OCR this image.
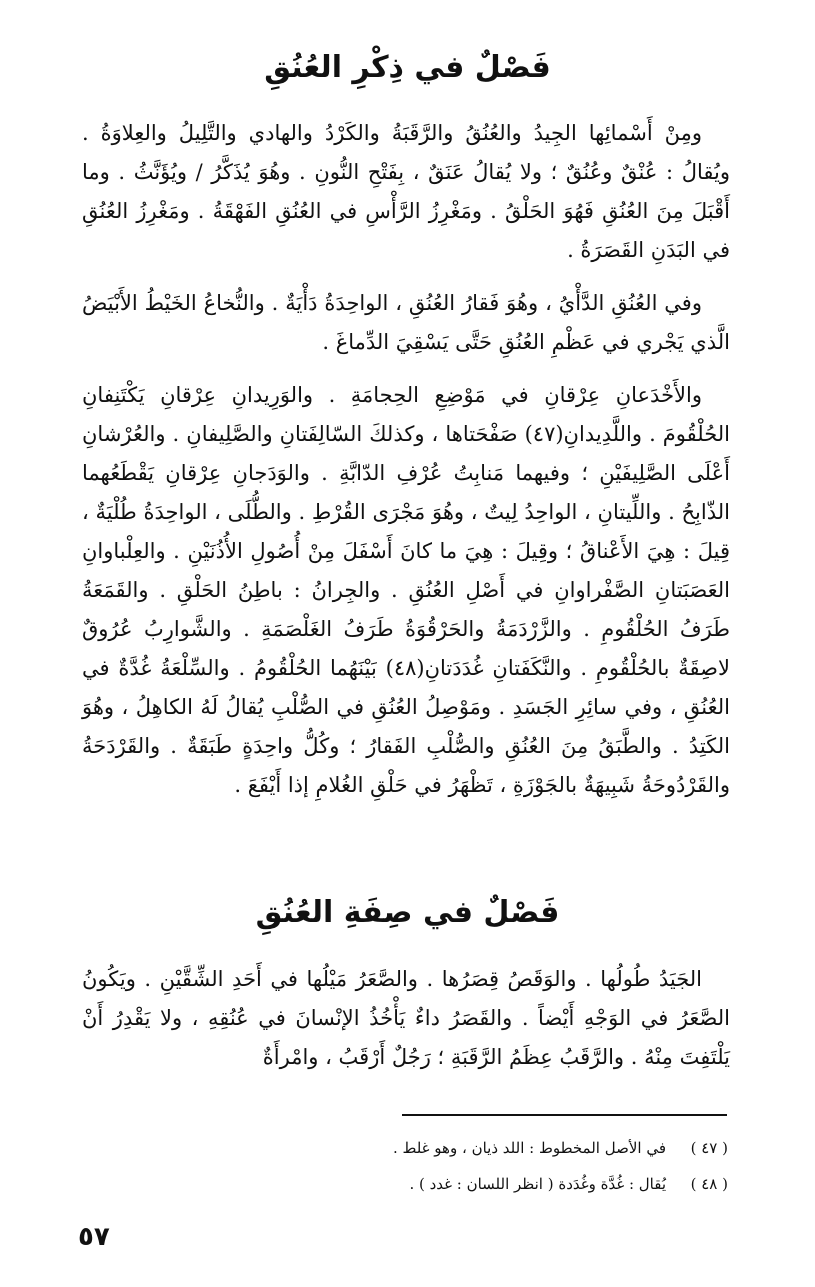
فَصْلٌ في ذِكْرِ العُنُقِ

ومِنْ أَسْمائِها الجِيدُ والعُنُقُ والرَّقَبَةُ والكَرْدُ والهادي والتَّلِيلُ والعِلاوَةُ . ويُقالُ : عُنْقٌ وعُنُقٌ ؛ ولا يُقالُ عَنَقٌ ، بِفَتْحِ النُّونِ . وهُوَ يُذَكَّرُ / ويُؤَنَّثُ . وما أَقْبَلَ مِنَ العُنُقِ فَهُوَ الحَلْقُ . ومَغْرِزُ الرَّأْسِ في العُنُقِ الفَهْقَةُ . ومَغْرِزُ العُنُقِ في البَدَنِ القَصَرَةُ .

وفي العُنُقِ الدَّأْيُ ، وهُوَ فَقارُ العُنُقِ ، الواحِدَةُ دَأْيَةٌ . والنُّخاعُ الخَيْطُ الأَبْيَضُ الَّذي يَجْري في عَظْمِ العُنُقِ حَتَّى يَسْقِيَ الدِّماغَ .

والأَخْدَعانِ عِرْقانِ في مَوْضِعِ الحِجامَةِ . والوَرِيدانِ عِرْقانِ يَكْتَنِفانِ الحُلْقُومَ . واللَّدِيدانِ(٤٧) صَفْحَتاها ، وكذلكَ السّالِفَتانِ والصَّلِيفانِ . والعُرْشانِ أَعْلَى الصَّلِيفَيْنِ ؛ وفيهما مَنابِتُ عُرْفِ الدّابَّةِ . والوَدَجانِ عِرْقانِ يَقْطَعُهما الذّابِحُ . واللِّيتانِ ، الواحِدُ لِيتٌ ، وهُوَ مَجْرَى القُرْطِ . والطُّلَى ، الواحِدَةُ طُلْيَةٌ ، قِيلَ : هِيَ الأَعْناقُ ؛ وقِيلَ : هِيَ ما كانَ أَسْفَلَ مِنْ أُصُولِ الأُذُنَيْنِ . والعِلْباوانِ العَصَبَتانِ الصَّفْراوانِ في أَصْلِ العُنُقِ . والجِرانُ : باطِنُ الحَلْقِ . والقَمَعَةُ طَرَفُ الحُلْقُومِ . والزَّرْدَمَةُ والحَرْقُوَةُ طَرَفُ الغَلْصَمَةِ . والشَّوارِبُ عُرُوقٌ لاصِقَةٌ بالحُلْقُومِ . والنَّكَفَتانِ غُدَدَتانِ(٤٨) بَيْنَهُما الحُلْقُومُ . والسِّلْعَةُ غُدَّةٌ في العُنُقِ ، وفي سائِرِ الجَسَدِ . ومَوْصِلُ العُنُقِ في الصُّلْبِ يُقالُ لَهُ الكاهِلُ ، وهُوَ الكَتِدُ . والطَّبَقُ مِنَ العُنُقِ والصُّلْبِ الفَقارُ ؛ وكُلُّ واحِدَةٍ طَبَقَةٌ . والقَرْدَحَةُ والقَرْدُوحَةُ شَبِيهَةٌ بالجَوْزَةِ ، تَظْهَرُ في حَلْقِ الغُلامِ إذا أَيْفَعَ .

فَصْلٌ في صِفَةِ العُنُقِ

الجَيَدُ طُولُها . والوَقَصُ قِصَرُها . والصَّعَرُ مَيْلُها في أَحَدِ الشِّقَّيْنِ . ويَكُونُ الصَّعَرُ في الوَجْهِ أَيْضاً . والقَصَرُ داءٌ يَأْخُذُ الإنْسانَ في عُنُقِهِ ، ولا يَقْدِرُ أَنْ يَلْتَفِتَ مِنْهُ . والرَّقَبُ عِظَمُ الرَّقَبَةِ ؛ رَجُلٌ أَرْقَبُ ، وامْرأَةٌ

( ٤٧ )
في الأصل المخطوط : اللد ذيان ، وهو غلط .
( ٤٨ )
يُقال : غُدَّة وغُدَدة ( انظر اللسان : غدد ) .
٥٧
